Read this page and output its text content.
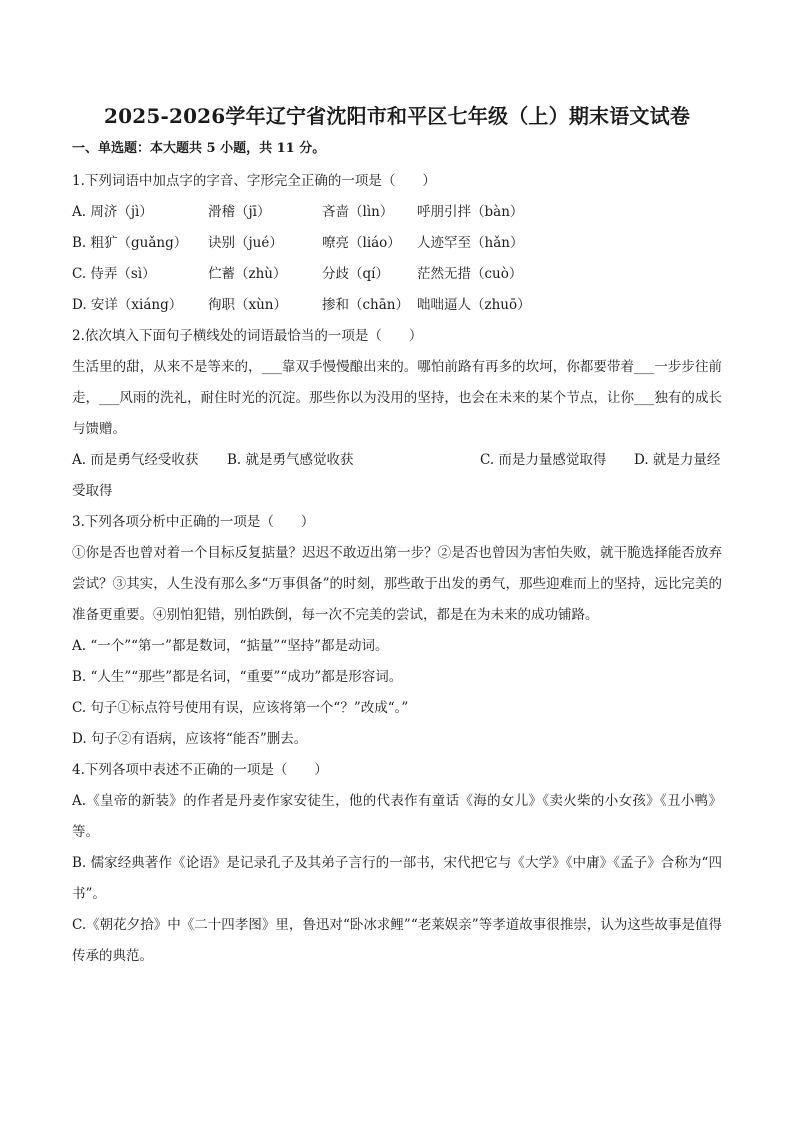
2025-2026学年辽宁省沈阳市和平区七年级（上）期末语文试卷
一、单选题：本大题共 5 小题，共 11 分。

1.下列词语中加点字的字音、字形完全正确的一项是（　　）

A. 周济（jì）	滑稽（jī）	吝啬（lìn）	呼朋引拌（bàn）
B. 粗犷（guǎng）	诀别（jué）	嘹亮（liáo）	人迹罕至（hǎn）
C. 侍弄（sì）	伫蓄（zhù）	分歧（qí）	茫然无措（cuò）
D. 安详（xiáng）	徇职（xùn）	掺和（chān） 咄咄逼人（zhuō）

2.依次填入下面句子横线处的词语最恰当的一项是（　　）

生活里的甜，从来不是等来的，___靠双手慢慢酿出来的。哪怕前路有再多的坎坷，你都要带着___一步步往前走，___风雨的洗礼，耐住时光的沉淀。那些你以为没用的坚持，也会在未来的某个节点，让你___独有的成长与馈赠。

A. 而是勇气经受收获	B. 就是勇气感觉收获	C. 而是力量感觉取得	D. 就是力量经

受取得

3.下列各项分析中正确的一项是（　　）

①你是否也曾对着一个目标反复掂量？迟迟不敢迈出第一步？②是否也曾因为害怕失败，就干脆选择能否放弃尝试？③其实，人生没有那么多“万事俱备”的时刻，那些敢于出发的勇气，那些迎难而上的坚持，远比完美的准备更重要。④别怕犯错，别怕跌倒，每一次不完美的尝试，都是在为未来的成功铺路。

A. “一个”“第一”都是数词，“掂量”“坚持”都是动词。

B. “人生”“那些”都是名词，“重要”“成功”都是形容词。

C. 句子①标点符号使用有误，应该将第一个“？”改成“。”

D. 句子②有语病，应该将“能否”删去。

4.下列各项中表述不正确的一项是（　　）

A.《皇帝的新装》的作者是丹麦作家安徒生，他的代表作有童话《海的女儿》《卖火柴的小女孩》《丑小鸭》等。

B. 儒家经典著作《论语》是记录孔子及其弟子言行的一部书，宋代把它与《大学》《中庸》《孟子》合称为“四书”。

C.《朝花夕拾》中《二十四孝图》里，鲁迅对“卧冰求鲤”“老莱娱亲”等孝道故事很推崇，认为这些故事是值得传承的典范。
